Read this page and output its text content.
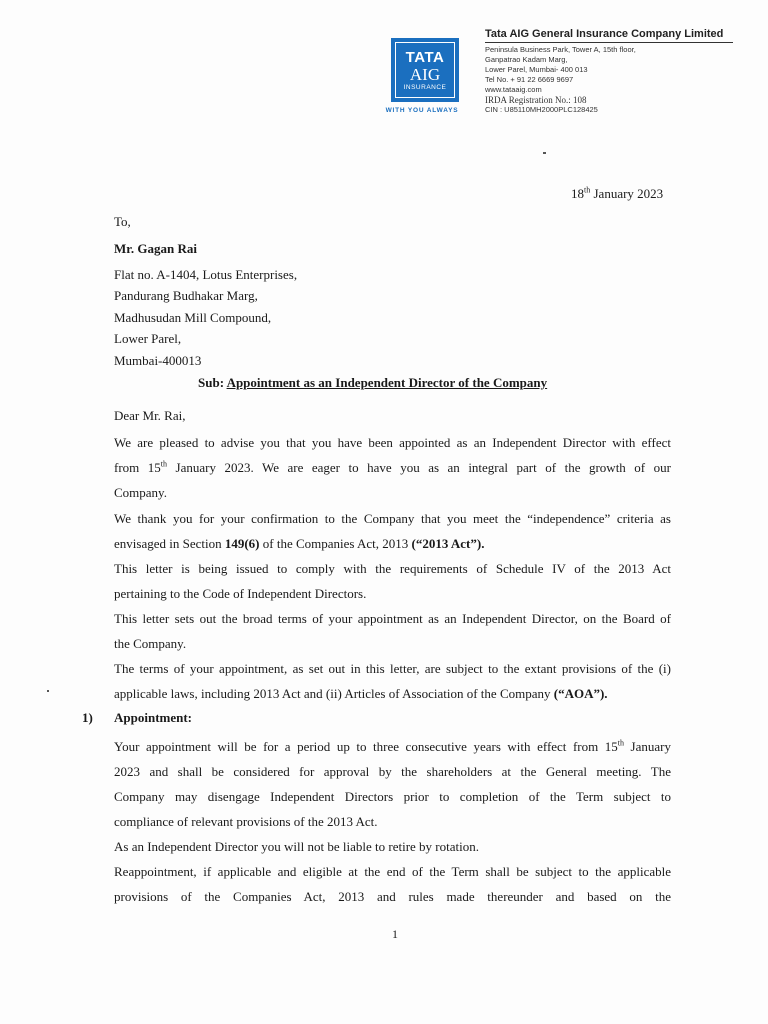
TATA
AIG
INSURANCE
WITH YOU ALWAYS
Tata AIG General Insurance Company Limited
Peninsula Business Park, Tower A, 15th floor,
Ganpatrao Kadam Marg,
Lower Parel, Mumbai- 400 013
Tel No. + 91 22 6669 9697
www.tataaig.com
IRDA Registration No.: 108
CIN : U85110MH2000PLC128425
18th January 2023
To,
Mr. Gagan Rai
Flat no. A-1404, Lotus Enterprises,
Pandurang Budhakar Marg,
Madhusudan Mill Compound,
Lower Parel,
Mumbai-400013
Sub: Appointment as an Independent Director of the Company
Dear Mr. Rai,
We are pleased to advise you that you have been appointed as an Independent Director with effect
from 15th January 2023. We are eager to have you as an integral part of the growth of our
Company.
We thank you for your confirmation to the Company that you meet the “independence” criteria as
envisaged in Section 149(6) of the Companies Act, 2013 (“2013 Act”).
This letter is being issued to comply with the requirements of Schedule IV of the 2013 Act
pertaining to the Code of Independent Directors.
This letter sets out the broad terms of your appointment as an Independent Director, on the Board of
the Company.
The terms of your appointment, as set out in this letter, are subject to the extant provisions of the (i)
applicable laws, including 2013 Act and (ii) Articles of Association of the Company (“AOA”).
1) Appointment:
Your appointment will be for a period up to three consecutive years with effect from 15th January
2023 and shall be considered for approval by the shareholders at the General meeting. The
Company may disengage Independent Directors prior to completion of the Term subject to
compliance of relevant provisions of the 2013 Act.
As an Independent Director you will not be liable to retire by rotation.
Reappointment, if applicable and eligible at the end of the Term shall be subject to the applicable
provisions of the Companies Act, 2013 and rules made thereunder and based on the
1
